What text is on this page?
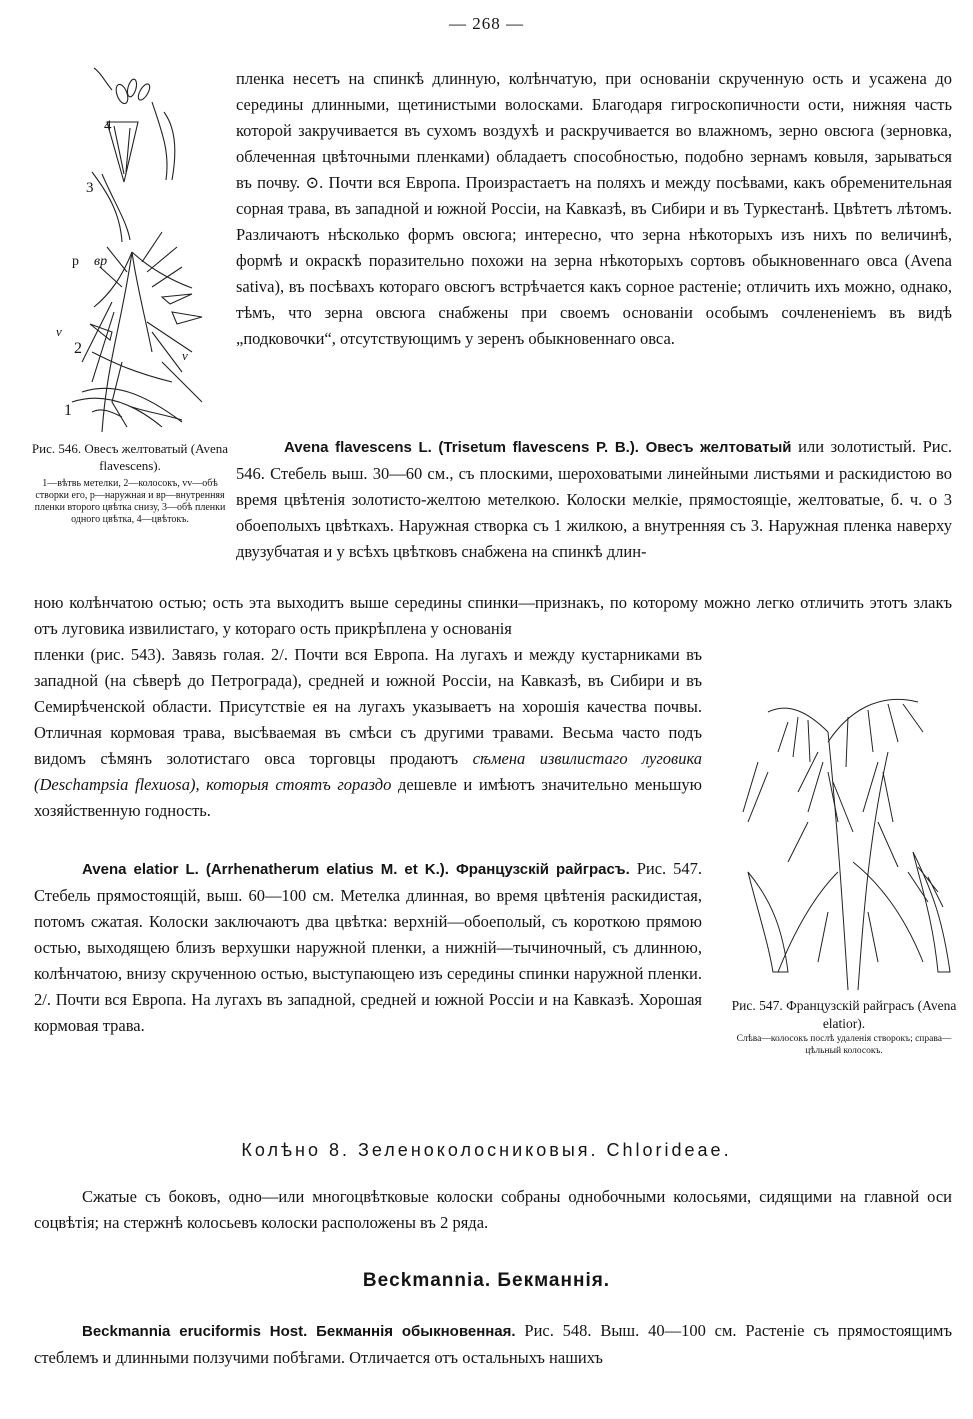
— 268 —
4
3
р вр
2
v
v
1
Рис. 546. Овесъ желтоватый (Avena flavescens).
1—вѣтвь метелки, 2—колосокъ, vv—обѣ створки его, р—наружная и вр—внутренняя пленки второго цвѣтка снизу, 3—обѣ пленки одного цвѣтка, 4—цвѣтокъ.
пленка несетъ на спинкѣ длинную, колѣнчатую, при основаніи скрученную ость и усажена до середины длинными, щетинистыми волосками. Благодаря гигроскопичности ости, нижняя часть которой закручивается въ сухомъ воздухѣ и раскручивается во влажномъ, зерно овсюга (зерновка, облеченная цвѣточными пленками) обладаетъ способностью, подобно зернамъ ковыля, зарываться въ почву. ⊙. Почти вся Европа. Произрастаетъ на поляхъ и между посѣвами, какъ обременительная сорная трава, въ западной и южной Россіи, на Кавказѣ, въ Сибири и въ Туркестанѣ. Цвѣтетъ лѣтомъ. Различаютъ нѣсколько формъ овсюга; интересно, что зерна нѣкоторыхъ изъ нихъ по величинѣ, формѣ и окраскѣ поразительно похожи на зерна нѣкоторыхъ сортовъ обыкновеннаго овса (Avena sativa), въ посѣвахъ котораго овсюгъ встрѣчается какъ сорное растеніе; отличить ихъ можно, однако, тѣмъ, что зерна овсюга снабжены при своемъ основаніи особымъ сочлененіемъ въ видѣ „подковочки“, отсутствующимъ у зеренъ обыкновеннаго овса.
Avena flavescens L. (Trisetum flavescens P. B.). Овесъ желтоватый или золотистый. Рис. 546. Стебель выш. 30—60 см., съ плоскими, шероховатыми линейными листьями и раскидистою во время цвѣтенія золотисто-желтою метелкою. Колоски мелкіе, прямостоящіе, желтоватые, б. ч. о 3 обоеполыхъ цвѣткахъ. Наружная створка съ 1 жилкою, а внутренняя съ 3. Наружная пленка наверху двузубчатая и у всѣхъ цвѣтковъ снабжена на спинкѣ длин-
ною колѣнчатою остью; ость эта выходитъ выше середины спинки—признакъ, по которому можно легко отличить этотъ злакъ отъ луговика извилистаго, у котораго ость прикрѣплена у основанія
пленки (рис. 543). Завязь голая. 2/. Почти вся Европа. На лугахъ и между кустарниками въ западной (на сѣверѣ до Петрограда), средней и южной Россіи, на Кавказѣ, въ Сибири и въ Семирѣченской области. Присутствіе ея на лугахъ указываетъ на хорошія качества почвы. Отличная кормовая трава, высѣваемая въ смѣси съ другими травами. Весьма часто подъ видомъ сѣмянъ золотистаго овса торговцы продаютъ сѣмена извилистаго луговика (Deschampsia flexuosa), которыя стоятъ гораздо дешевле и имѣютъ значительно меньшую хозяйственную годность.
Рис. 547. Французскій райграсъ (Avena elatior).
Слѣва—колосокъ послѣ удаленія створокъ; справа—цѣльный колосокъ.
Avena elatior L. (Arrhenatherum elatius M. et K.). Французскій райграсъ. Рис. 547. Стебель прямостоящій, выш. 60—100 см. Метелка длинная, во время цвѣтенія раскидистая, потомъ сжатая. Колоски заключаютъ два цвѣтка: верхній—обоеполый, съ короткою прямою остью, выходящею близъ верхушки наружной пленки, а нижній—тычиночный, съ длинною, колѣнчатою, внизу скрученною остью, выступающею изъ середины спинки наружной пленки. 2/. Почти вся Европа. На лугахъ въ западной, средней и южной Россіи и на Кавказѣ. Хорошая кормовая трава.
Колѣно 8. Зеленоколосниковыя. Chlorideae.
Сжатые съ боковъ, одно—или многоцвѣтковые колоски собраны однобочными колосьями, сидящими на главной оси соцвѣтія; на стержнѣ колосьевъ колоски расположены въ 2 ряда.
Beckmannia. Бекманнія.
Beckmannia eruciformis Host. Бекманнія обыкновенная. Рис. 548. Выш. 40—100 см. Растеніе съ прямостоящимъ стеблемъ и длинными ползучими побѣгами. Отличается отъ остальныхъ нашихъ
